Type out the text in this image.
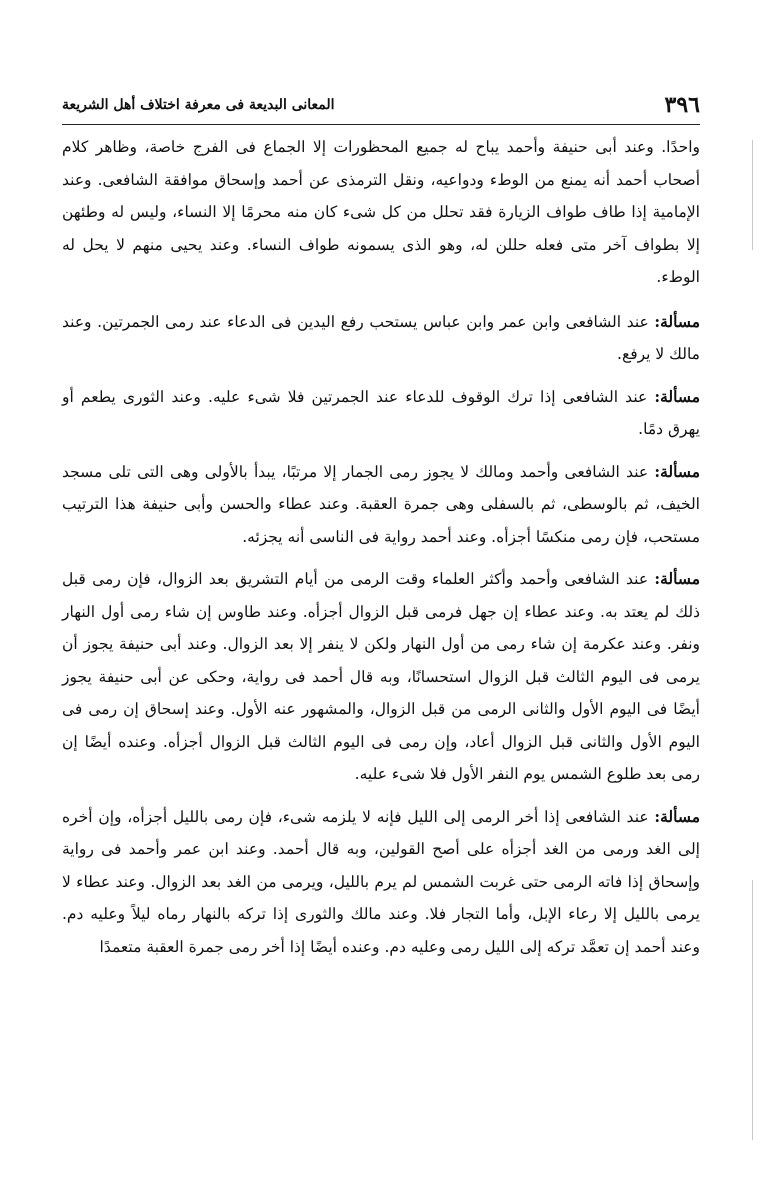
٣٩٦
المعانى البديعة فى معرفة اختلاف أهل الشريعة

واحدًا. وعند أبى حنيفة وأحمد يباح له جميع المحظورات إلا الجماع فى الفرج خاصة، وظاهر كلام أصحاب أحمد أنه يمنع من الوطء ودواعيه، ونقل الترمذى عن أحمد وإسحاق موافقة الشافعى. وعند الإمامية إذا طاف طواف الزيارة فقد تحلل من كل شىء كان منه محرمًا إلا النساء، وليس له وطئهن إلا بطواف آخر متى فعله حللن له، وهو الذى يسمونه طواف النساء. وعند يحيى منهم لا يحل له الوطء.

مسألة: عند الشافعى وابن عمر وابن عباس يستحب رفع اليدين فى الدعاء عند رمى الجمرتين. وعند مالك لا يرفع.

مسألة: عند الشافعى إذا ترك الوقوف للدعاء عند الجمرتين فلا شىء عليه. وعند الثورى يطعم أو يهرق دمًا.

مسألة: عند الشافعى وأحمد ومالك لا يجوز رمى الجمار إلا مرتبًا، يبدأ بالأولى وهى التى تلى مسجد الخيف، ثم بالوسطى، ثم بالسفلى وهى جمرة العقبة. وعند عطاء والحسن وأبى حنيفة هذا الترتيب مستحب، فإن رمى منكسًا أجزأه. وعند أحمد رواية فى الناسى أنه يجزئه.

مسألة: عند الشافعى وأحمد وأكثر العلماء وقت الرمى من أيام التشريق بعد الزوال، فإن رمى قبل ذلك لم يعتد به. وعند عطاء إن جهل فرمى قبل الزوال أجزأه. وعند طاوس إن شاء رمى أول النهار ونفر. وعند عكرمة إن شاء رمى من أول النهار ولكن لا ينفر إلا بعد الزوال. وعند أبى حنيفة يجوز أن يرمى فى اليوم الثالث قبل الزوال استحسانًا، وبه قال أحمد فى رواية، وحكى عن أبى حنيفة يجوز أيضًا فى اليوم الأول والثانى الرمى من قبل الزوال، والمشهور عنه الأول. وعند إسحاق إن رمى فى اليوم الأول والثانى قبل الزوال أعاد، وإن رمى فى اليوم الثالث قبل الزوال أجزأه. وعنده أيضًا إن رمى بعد طلوع الشمس يوم النفر الأول فلا شىء عليه.

مسألة: عند الشافعى إذا أخر الرمى إلى الليل فإنه لا يلزمه شىء، فإن رمى بالليل أجزأه، وإن أخره إلى الغد ورمى من الغد أجزأه على أصح القولين، وبه قال أحمد. وعند ابن عمر وأحمد فى رواية وإسحاق إذا فاته الرمى حتى غربت الشمس لم يرم بالليل، ويرمى من الغد بعد الزوال. وعند عطاء لا يرمى بالليل إلا رعاء الإبل، وأما التجار فلا. وعند مالك والثورى إذا تركه بالنهار رماه ليلاً وعليه دم. وعند أحمد إن تعمَّد تركه إلى الليل رمى وعليه دم. وعنده أيضًا إذا أخر رمى جمرة العقبة متعمدًا
